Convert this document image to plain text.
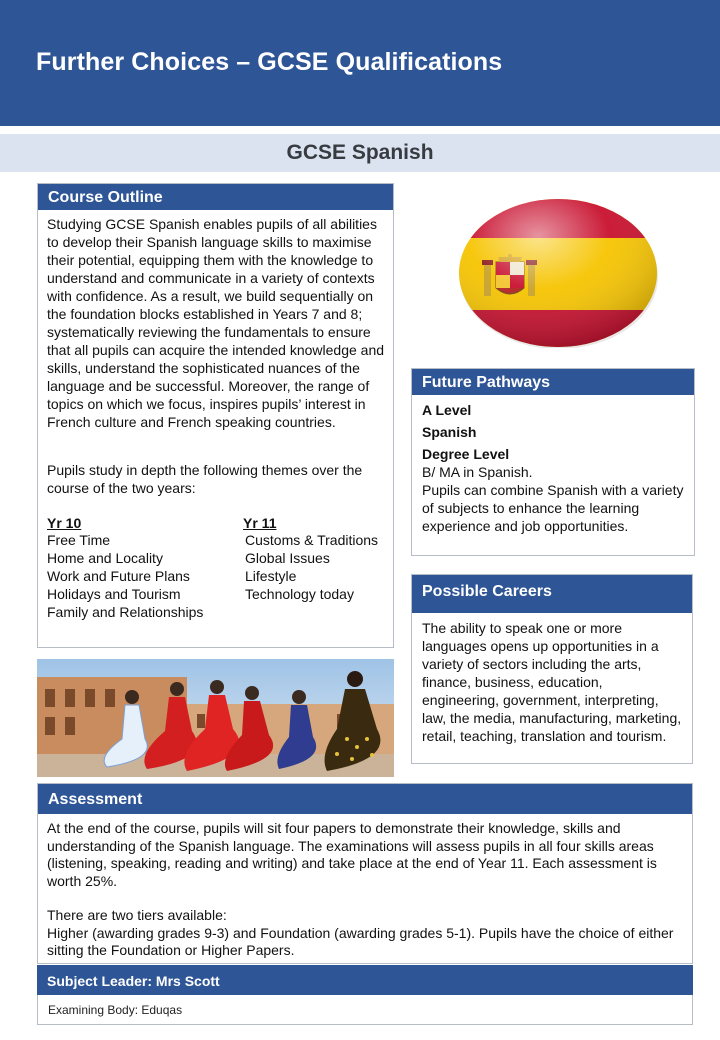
Further Choices – GCSE Qualifications
GCSE Spanish
Course Outline
Studying GCSE Spanish enables pupils of all abilities to develop their Spanish language skills to maximise their potential, equipping them with the knowledge to understand and communicate in a variety of contexts with confidence. As a result, we build sequentially on the foundation blocks established in Years 7 and 8; systematically reviewing the fundamentals to ensure that all pupils can acquire the intended knowledge and skills, understand the sophisticated nuances of the language and be successful. Moreover, the range of topics on which we focus, inspires pupils’ interest in French culture and French speaking countries.
Pupils study in depth the following themes over the course of the two years:
Yr 10
Free Time
Home and Locality
Work and Future Plans
Holidays and Tourism
Family and Relationships
Yr 11
Customs & Traditions
Global Issues
Lifestyle
Technology today
Future Pathways
A Level
Spanish
Degree Level
B/ MA in Spanish.
Pupils can combine Spanish with a variety of subjects to enhance the learning experience and job opportunities.
Possible Careers
The ability to speak one or more languages opens up opportunities in a variety of sectors including the arts, finance, business, education, engineering, government, interpreting, law, the media, manufacturing, marketing, retail, teaching, translation and tourism.
Assessment
At the end of the course, pupils will sit four papers to demonstrate their knowledge, skills and understanding of the Spanish language. The examinations will assess pupils in all four skills areas (listening, speaking, reading and writing) and take place at the end of Year 11. Each assessment is worth 25%.
There are two tiers available:
Higher (awarding grades 9-3) and Foundation (awarding grades 5-1). Pupils have the choice of either sitting the Foundation or Higher Papers.
Subject Leader: Mrs Scott
Examining Body: Eduqas
